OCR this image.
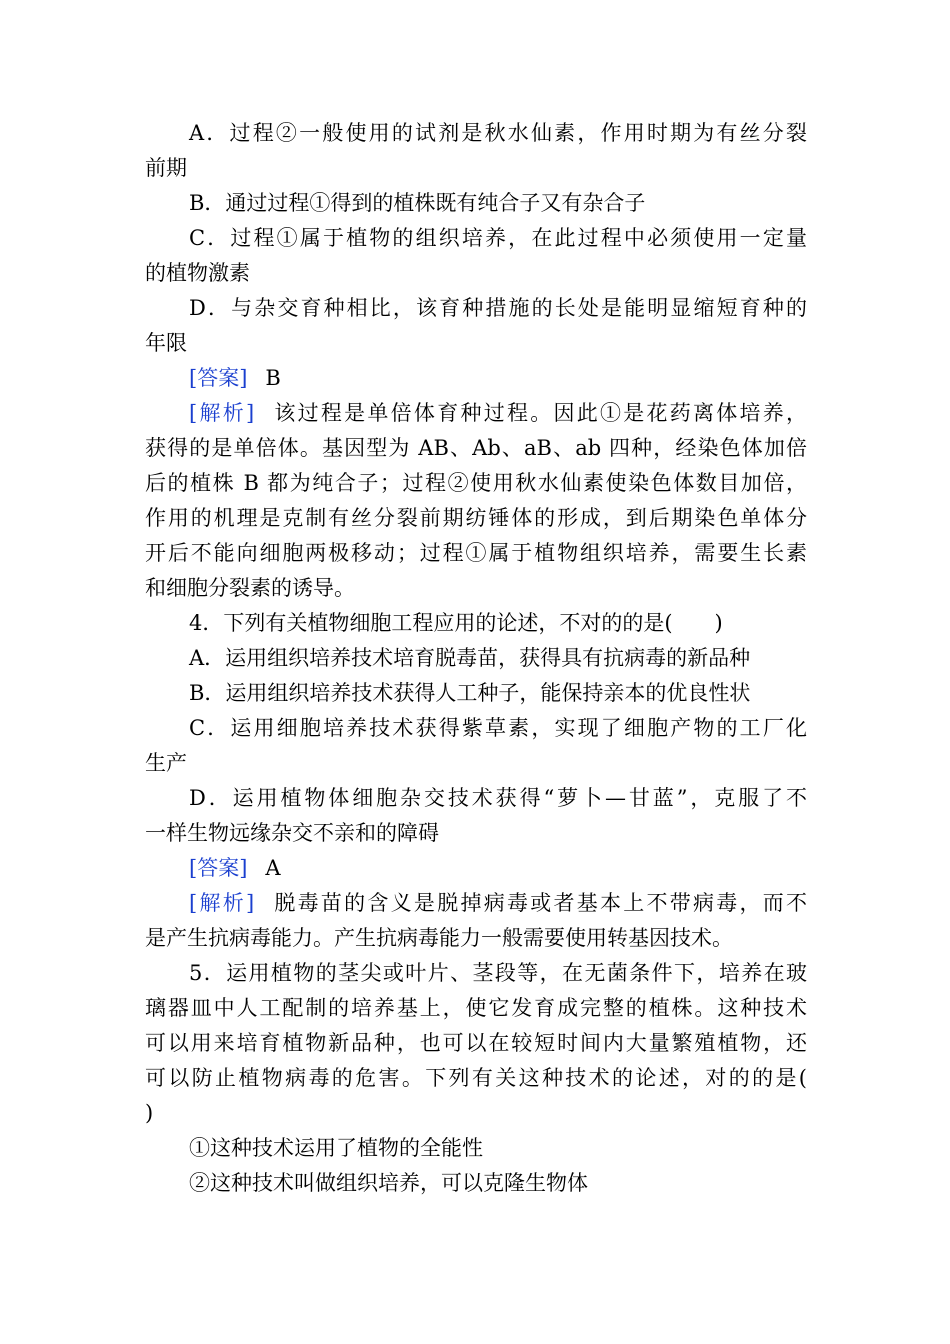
A．过程②一般使用的试剂是秋水仙素，作用时期为有丝分裂
前期
B．通过过程①得到的植株既有纯合子又有杂合子
C．过程①属于植物的组织培养，在此过程中必须使用一定量
的植物激素
D．与杂交育种相比，该育种措施的长处是能明显缩短育种的
年限
[答案] B
[解析] 该过程是单倍体育种过程。因此①是花药离体培养，
获得的是单倍体。基因型为 AB、Ab、aB、ab 四种，经染色体加倍
后的植株 B 都为纯合子；过程②使用秋水仙素使染色体数目加倍，
作用的机理是克制有丝分裂前期纺锤体的形成，到后期染色单体分
开后不能向细胞两极移动；过程①属于植物组织培养，需要生长素
和细胞分裂素的诱导。
4．下列有关植物细胞工程应用的论述，不对的的是(　　)
A．运用组织培养技术培育脱毒苗，获得具有抗病毒的新品种
B．运用组织培养技术获得人工种子，能保持亲本的优良性状
C．运用细胞培养技术获得紫草素，实现了细胞产物的工厂化
生产
D．运用植物体细胞杂交技术获得“萝卜—甘蓝”，克服了不
一样生物远缘杂交不亲和的障碍
[答案] A
[解析] 脱毒苗的含义是脱掉病毒或者基本上不带病毒，而不
是产生抗病毒能力。产生抗病毒能力一般需要使用转基因技术。
5．运用植物的茎尖或叶片、茎段等，在无菌条件下，培养在玻
璃器皿中人工配制的培养基上，使它发育成完整的植株。这种技术
可以用来培育植物新品种，也可以在较短时间内大量繁殖植物，还
可以防止植物病毒的危害。下列有关这种技术的论述，对的的是(
)
①这种技术运用了植物的全能性
②这种技术叫做组织培养，可以克隆生物体
